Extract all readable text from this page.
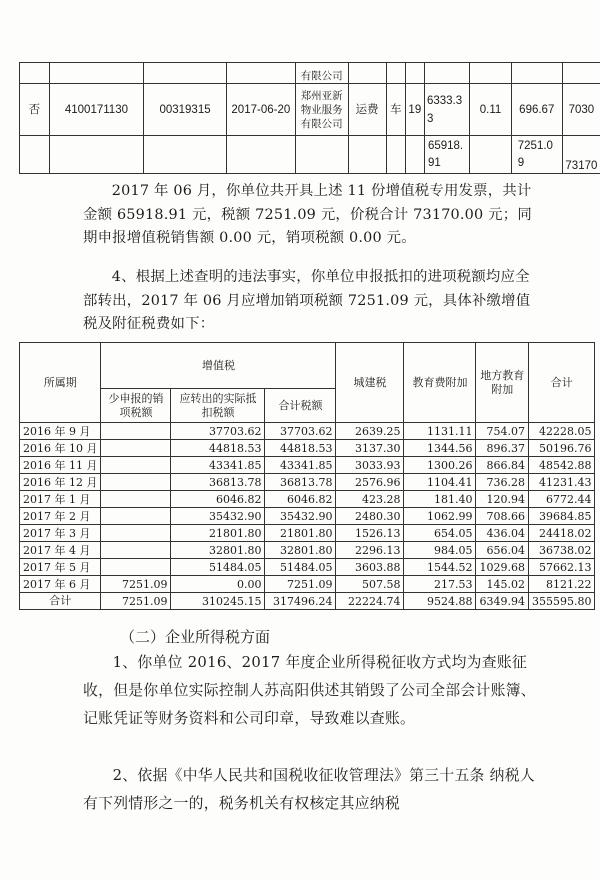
				有限公司							
否	4100171130	00319315	2017-06-20	郑州亚新物业服务有限公司	运费	车	19	6333.33	0.11	696.67	7030
								65918.91		7251.09	73170

2017 年 06 月，你单位共开具上述 11 份增值税专用发票，共计金额 65918.91 元，税额 7251.09 元，价税合计 73170.00 元；同期申报增值税销售额 0.00 元，销项税额 0.00 元。

4、根据上述查明的违法事实，你单位申报抵扣的进项税额均应全部转出，2017 年 06 月应增加销项税额 7251.09 元，具体补缴增值税及附征税费如下：

所属期	增值税			城建税	教育费附加	地方教育附加	合计
	少申报的销项税额	应转出的实际抵扣税额	合计税额				
2016 年 9 月		37703.62	37703.62	2639.25	1131.11	754.07	42228.05
2016 年 10 月		44818.53	44818.53	3137.30	1344.56	896.37	50196.76
2016 年 11 月		43341.85	43341.85	3033.93	1300.26	866.84	48542.88
2016 年 12 月		36813.78	36813.78	2576.96	1104.41	736.28	41231.43
2017 年 1 月		6046.82	6046.82	423.28	181.40	120.94	6772.44
2017 年 2 月		35432.90	35432.90	2480.30	1062.99	708.66	39684.85
2017 年 3 月		21801.80	21801.80	1526.13	654.05	436.04	24418.02
2017 年 4 月		32801.80	32801.80	2296.13	984.05	656.04	36738.02
2017 年 5 月		51484.05	51484.05	3603.88	1544.52	1029.68	57662.13
2017 年 6 月	7251.09	0.00	7251.09	507.58	217.53	145.02	8121.22
合计	7251.09	310245.15	317496.24	22224.74	9524.88	6349.94	355595.80

（二）企业所得税方面

1、你单位 2016、2017 年度企业所得税征收方式均为查账征收，但是你单位实际控制人苏高阳供述其销毁了公司全部会计账簿、记账凭证等财务资料和公司印章，导致难以查账。

2、依据《中华人民共和国税收征收管理法》第三十五条 纳税人有下列情形之一的，税务机关有权核定其应纳税
